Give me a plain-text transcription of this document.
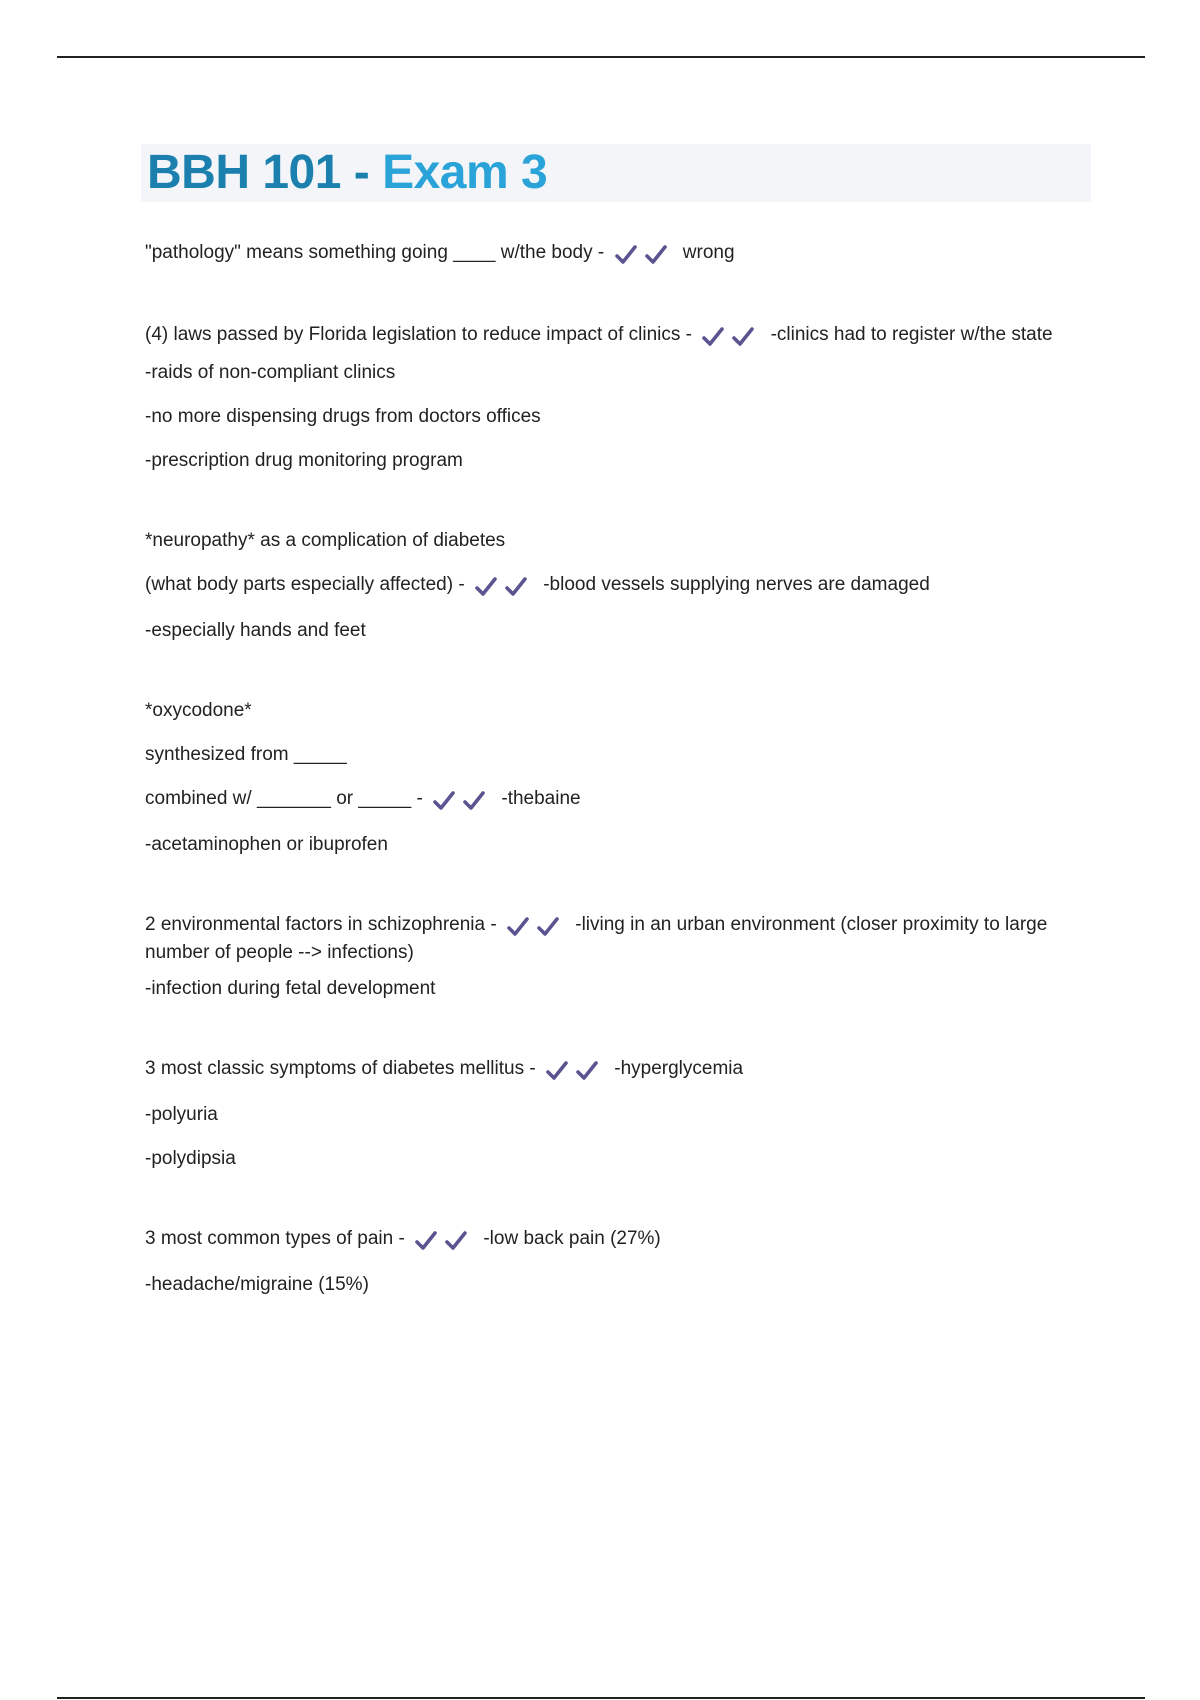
BBH 101 - Exam 3
"pathology" means something going ____ w/the body -	wrong
(4) laws passed by Florida legislation to reduce impact of clinics -	-clinics had to register w/the state
-raids of non-compliant clinics
-no more dispensing drugs from doctors offices
-prescription drug monitoring program
*neuropathy* as a complication of diabetes
(what body parts especially affected) -	-blood vessels supplying nerves are damaged
-especially hands and feet
*oxycodone*
synthesized from _____
combined w/ _______ or _____ -	-thebaine
-acetaminophen or ibuprofen
2 environmental factors in schizophrenia -	-living in an urban environment (closer proximity to large number of people --> infections)
-infection during fetal development
3 most classic symptoms of diabetes mellitus -	-hyperglycemia
-polyuria
-polydipsia
3 most common types of pain -	-low back pain (27%)
-headache/migraine (15%)
